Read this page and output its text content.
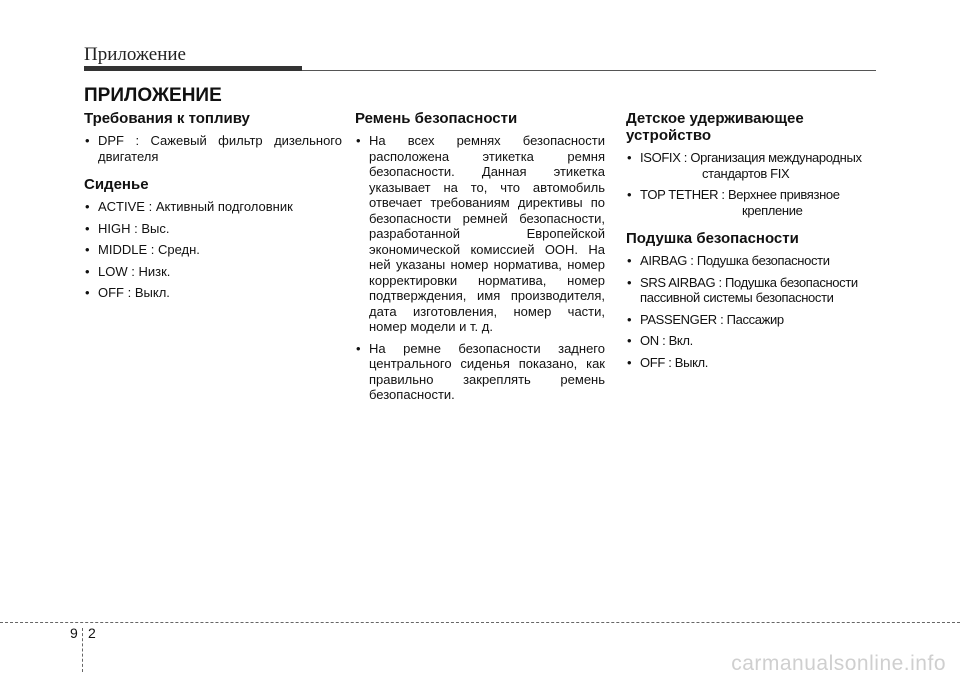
Приложение
ПРИЛОЖЕНИЕ
Требования к топливу
• DPF : Сажевый фильтр дизельного двигателя
Сиденье
• ACTIVE : Активный подголовник
• HIGH : Выс.
• MIDDLE : Средн.
• LOW : Низк.
• OFF : Выкл.
Ремень безопасности
• На всех ремнях безопасности расположена этикетка ремня безопасности. Данная этикетка указывает на то, что автомобиль отвечает требованиям директивы по безопасности ремней безопасности, разработанной Европейской экономической комиссией ООН. На ней указаны номер норматива, номер корректировки норматива, номер подтверждения, имя производителя, дата изготовления, номер части, номер модели и т. д.
• На ремне безопасности заднего центрального сиденья показано, как правильно закреплять ремень безопасности.
Детское удерживающее устройство
• ISOFIX : Организация международных
стандартов FIX
• TOP TETHER : Верхнее привязное
крепление
Подушка безопасности
• AIRBAG : Подушка безопасности
• SRS AIRBAG : Подушка безопасности
пассивной системы безопасности
• PASSENGER : Пассажир
• ON : Вкл.
• OFF : Выкл.
9 2
carmanualsonline.info
